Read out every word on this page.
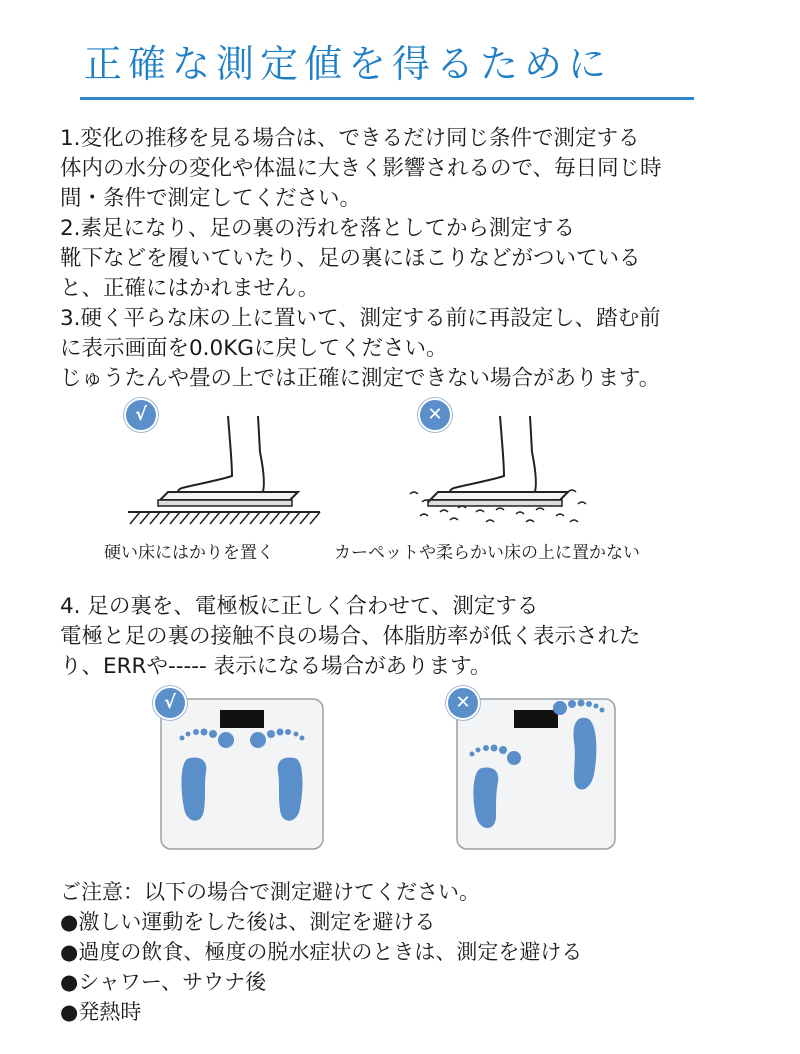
正確な測定値を得るために
1.変化の推移を見る場合は、できるだけ同じ条件で測定する
体内の水分の変化や体温に大きく影響されるので、毎日同じ時
間・条件で測定してください。
2.素足になり、足の裏の汚れを落としてから測定する
靴下などを履いていたり、足の裏にほこりなどがついている
と、正確にはかれません。
3.硬く平らな床の上に置いて、測定する前に再設定し、踏む前
に表示画面を0.0KGに戻してください。
じゅうたんや畳の上では正確に測定できない場合があります。
√
硬い床にはかりを置く
✕
カーペットや柔らかい床の上に置かない
4. 足の裏を、電極板に正しく合わせて、測定する
電極と足の裏の接触不良の場合、体脂肪率が低く表示された
り、ERRや----- 表示になる場合があります。
√	✕
ご注意：以下の場合で測定避けてください。
●激しい運動をした後は、測定を避ける
●過度の飲食、極度の脱水症状のときは、測定を避ける
●シャワー、サウナ後
●発熱時
